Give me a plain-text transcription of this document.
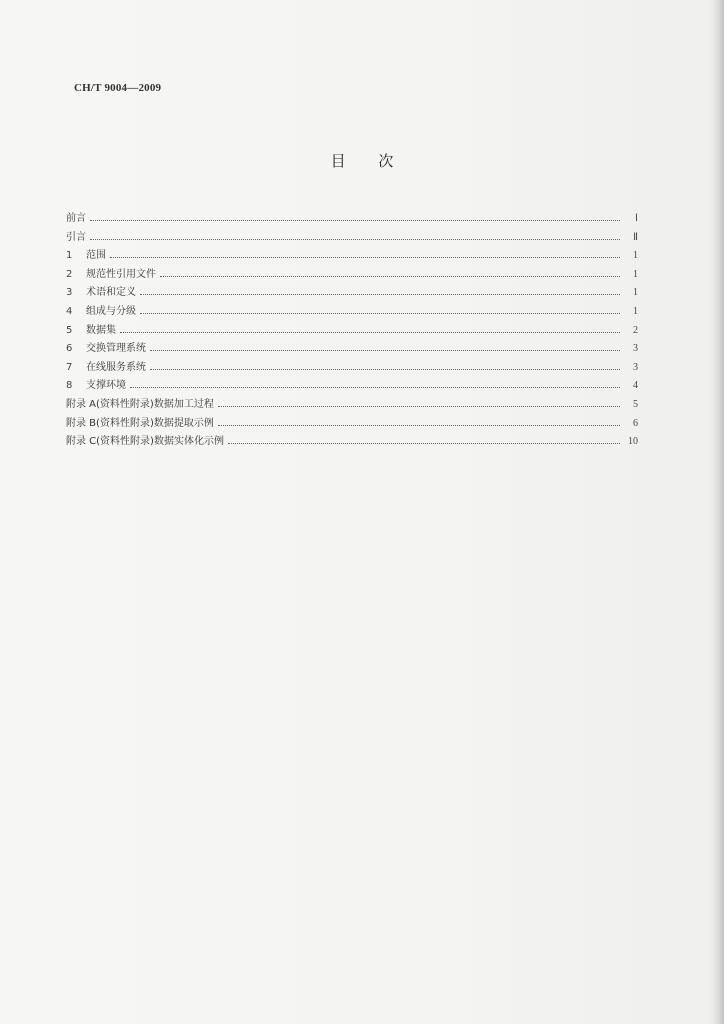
CH/T 9004—2009
目 次
前言	Ⅰ
引言	Ⅱ
1	范围	1
2	规范性引用文件	1
3	术语和定义	1
4	组成与分级	1
5	数据集	2
6	交换管理系统	3
7	在线服务系统	3
8	支撑环境	4
附录 A(资料性附录)数据加工过程	5
附录 B(资料性附录)数据提取示例	6
附录 C(资料性附录)数据实体化示例	10
